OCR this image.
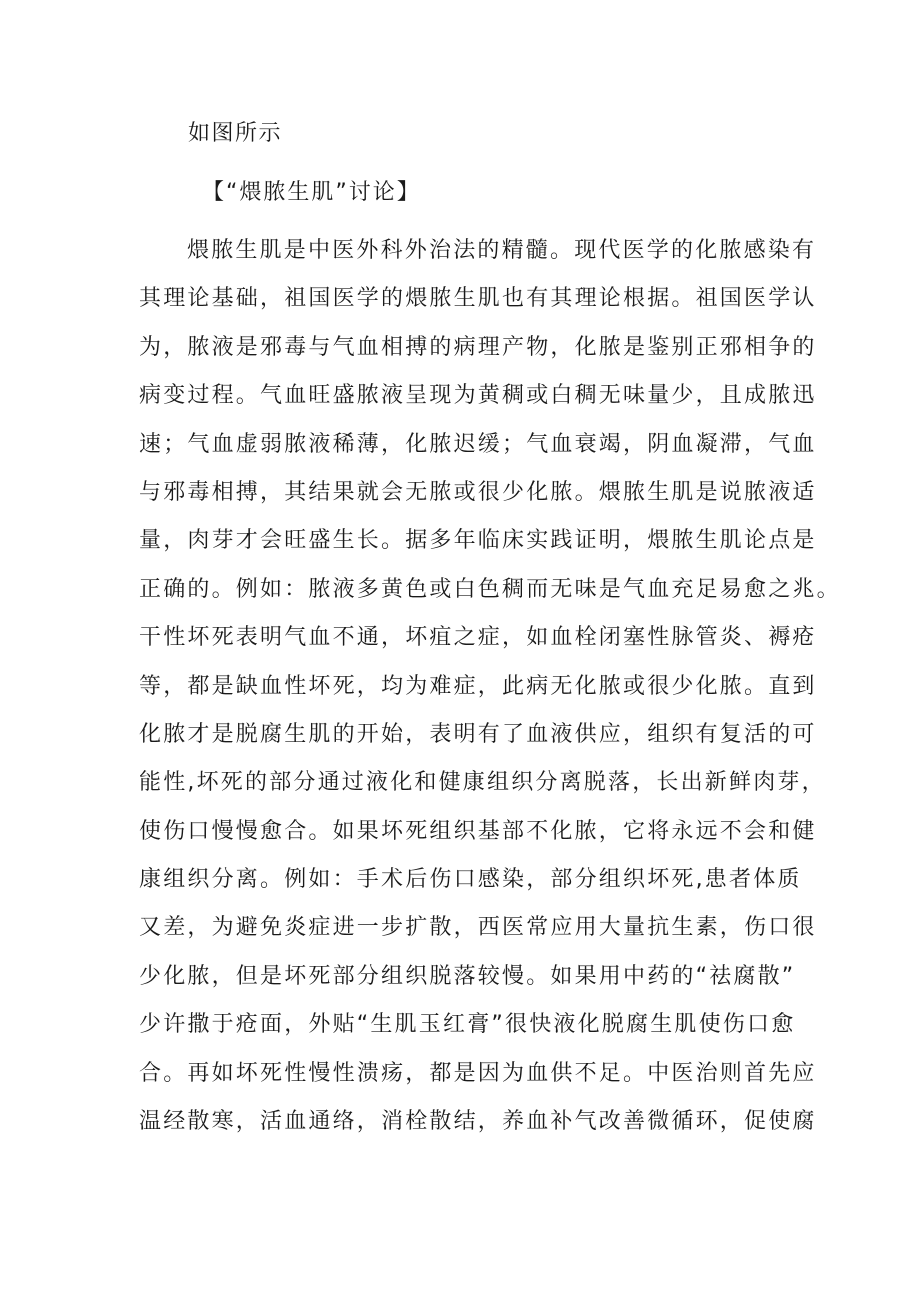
如图所示
【“煨脓生肌”讨论】
煨脓生肌是中医外科外治法的精髓。现代医学的化脓感染有
其理论基础，祖国医学的煨脓生肌也有其理论根据。祖国医学认
为，脓液是邪毒与气血相搏的病理产物，化脓是鉴别正邪相争的
病变过程。气血旺盛脓液呈现为黄稠或白稠无味量少，且成脓迅
速；气血虚弱脓液稀薄，化脓迟缓；气血衰竭，阴血凝滞，气血
与邪毒相搏，其结果就会无脓或很少化脓。煨脓生肌是说脓液适
量，肉芽才会旺盛生长。据多年临床实践证明，煨脓生肌论点是
正确的。例如：脓液多黄色或白色稠而无味是气血充足易愈之兆。
干性坏死表明气血不通，坏疽之症，如血栓闭塞性脉管炎、褥疮
等，都是缺血性坏死，均为难症，此病无化脓或很少化脓。直到
化脓才是脱腐生肌的开始，表明有了血液供应，组织有复活的可
能性,坏死的部分通过液化和健康组织分离脱落，长出新鲜肉芽，
使伤口慢慢愈合。如果坏死组织基部不化脓，它将永远不会和健
康组织分离。例如：手术后伤口感染，部分组织坏死,患者体质
又差，为避免炎症进一步扩散，西医常应用大量抗生素，伤口很
少化脓，但是坏死部分组织脱落较慢。如果用中药的“祛腐散”
少许撒于疮面，外贴“生肌玉红膏”很快液化脱腐生肌使伤口愈
合。再如坏死性慢性溃疡，都是因为血供不足。中医治则首先应
温经散寒，活血通络，消栓散结，养血补气改善微循环，促使腐
